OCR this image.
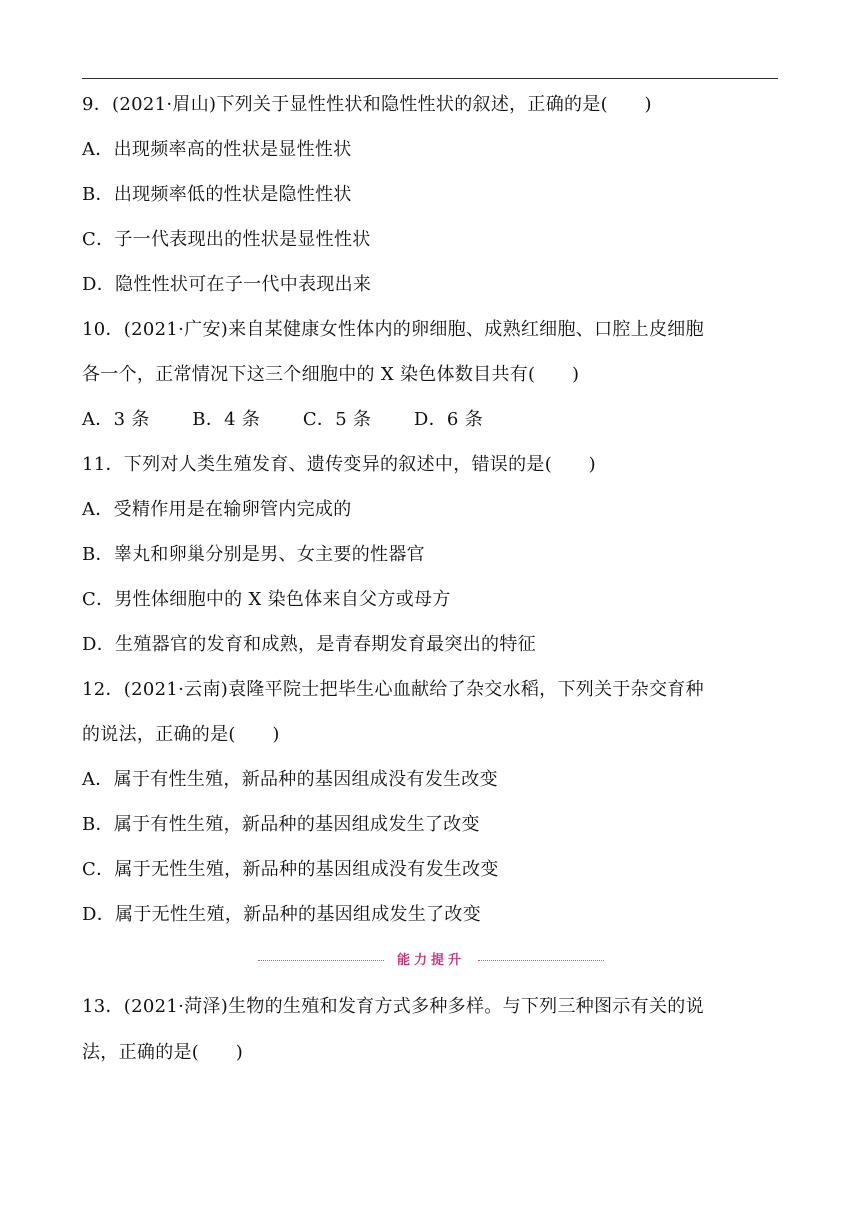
9．(2021·眉山)下列关于显性性状和隐性性状的叙述，正确的是(　　)
A．出现频率高的性状是显性性状
B．出现频率低的性状是隐性性状
C．子一代表现出的性状是显性性状
D．隐性性状可在子一代中表现出来
10．(2021·广安)来自某健康女性体内的卵细胞、成熟红细胞、口腔上皮细胞
各一个，正常情况下这三个细胞中的 X 染色体数目共有(　　)
A．3 条　　 B．4 条　　 C．5 条　　 D．6 条
11．下列对人类生殖发育、遗传变异的叙述中，错误的是(　　)
A．受精作用是在输卵管内完成的
B．睾丸和卵巢分别是男、女主要的性器官
C．男性体细胞中的 X 染色体来自父方或母方
D．生殖器官的发育和成熟，是青春期发育最突出的特征
12．(2021·云南)袁隆平院士把毕生心血献给了杂交水稻，下列关于杂交育种
的说法，正确的是(　　)
A．属于有性生殖，新品种的基因组成没有发生改变
B．属于有性生殖，新品种的基因组成发生了改变
C．属于无性生殖，新品种的基因组成没有发生改变
D．属于无性生殖，新品种的基因组成发生了改变
能力提升
13．(2021·菏泽)生物的生殖和发育方式多种多样。与下列三种图示有关的说
法，正确的是(　　)
